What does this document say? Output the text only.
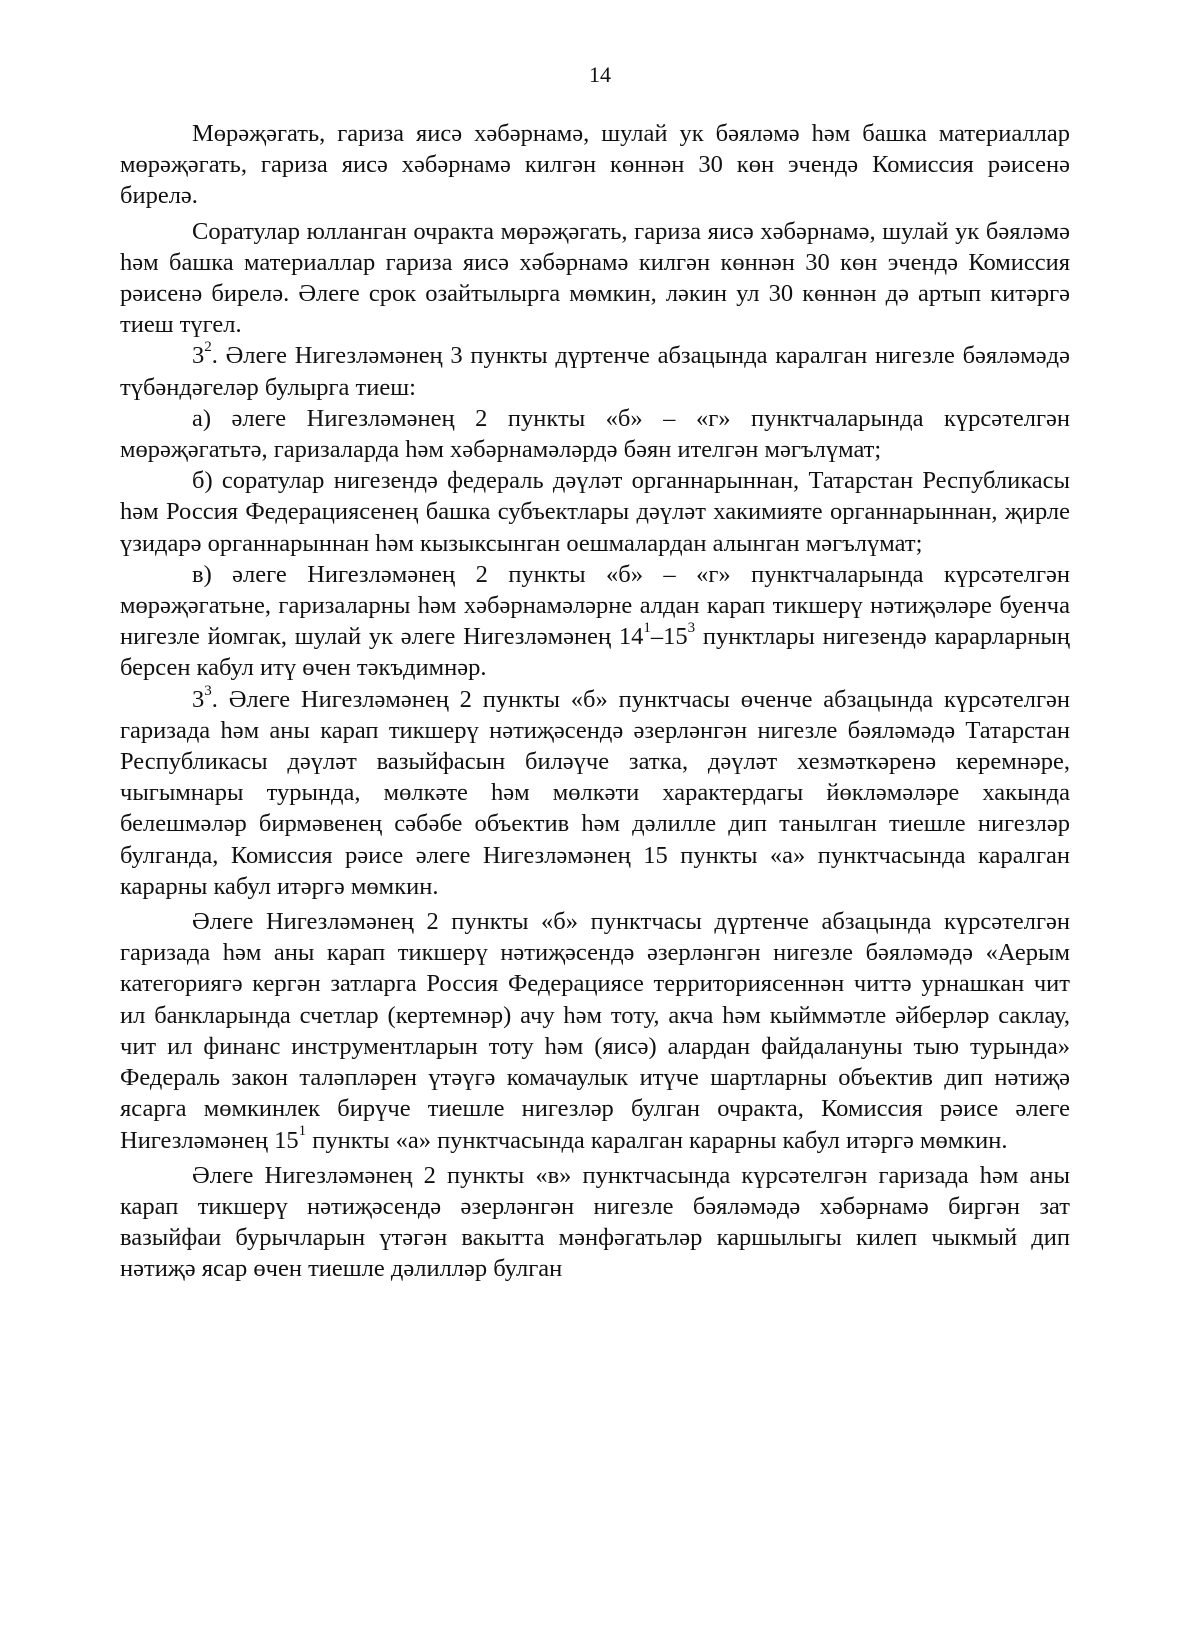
14

Мөрәҗәгать, гариза яисә хәбәрнамә, шулай ук бәяләмә һәм башка материаллар мөрәҗәгать, гариза яисә хәбәрнамә килгән көннән 30 көн эчендә Комиссия рәисенә бирелә.

Соратулар юлланган очракта мөрәҗәгать, гариза яисә хәбәрнамә, шулай ук бәяләмә һәм башка материаллар гариза яисә хәбәрнамә килгән көннән 30 көн эчендә Комиссия рәисенә бирелә. Әлеге срок озайтылырга мөмкин, ләкин ул 30 көннән дә артып китәргә тиеш түгел.

$3^2$. Әлеге Нигезләмәнең 3 пункты дүртенче абзацында каралган нигезле бәяләмәдә түбәндәгеләр булырга тиеш:

а) әлеге Нигезләмәнең 2 пункты «б» – «г» пунктчаларында күрсәтелгән мөрәҗәгатьтә, гаризаларда һәм хәбәрнамәләрдә бәян ителгән мәгълүмат;

б) соратулар нигезендә федераль дәүләт органнарыннан, Татарстан Республикасы һәм Россия Федерациясенең башка субъектлары дәүләт хакимияте органнарыннан, җирле үзидарә органнарыннан һәм кызыксынган оешмалардан алынган мәгълүмат;

в) әлеге Нигезләмәнең 2 пункты «б» – «г» пунктчаларында күрсәтелгән мөрәҗәгатьне, гаризаларны һәм хәбәрнамәләрне алдан карап тикшерү нәтиҗәләре буенча нигезле йомгак, шулай ук әлеге Нигезләмәнең $14^1-15^3$ пунктлары нигезендә карарларның берсен кабул итү өчен тәкъдимнәр.

$3^3$. Әлеге Нигезләмәнең 2 пункты «б» пунктчасы өченче абзацында күрсәтелгән гаризада һәм аны карап тикшерү нәтиҗәсендә әзерләнгән нигезле бәяләмәдә Татарстан Республикасы дәүләт вазыйфасын биләүче затка, дәүләт хезмәткәренә керемнәре, чыгымнары турында, мөлкәте һәм мөлкәти характердагы йөкләмәләре хакында белешмәләр бирмәвенең сәбәбе объектив һәм дәлилле дип танылган тиешле нигезләр булганда, Комиссия рәисе әлеге Нигезләмәнең 15 пункты «а» пунктчасында каралган карарны кабул итәргә мөмкин.

Әлеге Нигезләмәнең 2 пункты «б» пунктчасы дүртенче абзацында күрсәтелгән гаризада һәм аны карап тикшерү нәтиҗәсендә әзерләнгән нигезле бәяләмәдә «Аерым категориягә кергән затларга Россия Федерациясе территориясеннән читтә урнашкан чит ил банкларында счетлар (кертемнәр) ачу һәм тоту, акча һәм кыйммәтле әйберләр саклау, чит ил финанс инструментларын тоту һәм (яисә) алардан файдалануны тыю турында» Федераль закон таләпләрен үтәүгә комачаулык итүче шартларны объектив дип нәтиҗә ясарга мөмкинлек бирүче тиешле нигезләр булган очракта, Комиссия рәисе әлеге Нигезләмәнең $15^1$ пункты «а» пунктчасында каралган карарны кабул итәргә мөмкин.

Әлеге Нигезләмәнең 2 пункты «в» пунктчасында күрсәтелгән гаризада һәм аны карап тикшерү нәтиҗәсендә әзерләнгән нигезле бәяләмәдә хәбәрнамә биргән зат вазыйфаи бурычларын үтәгән вакытта мәнфәгатьләр каршылыгы килеп чыкмый дип нәтиҗә ясар өчен тиешле дәлилләр булган
